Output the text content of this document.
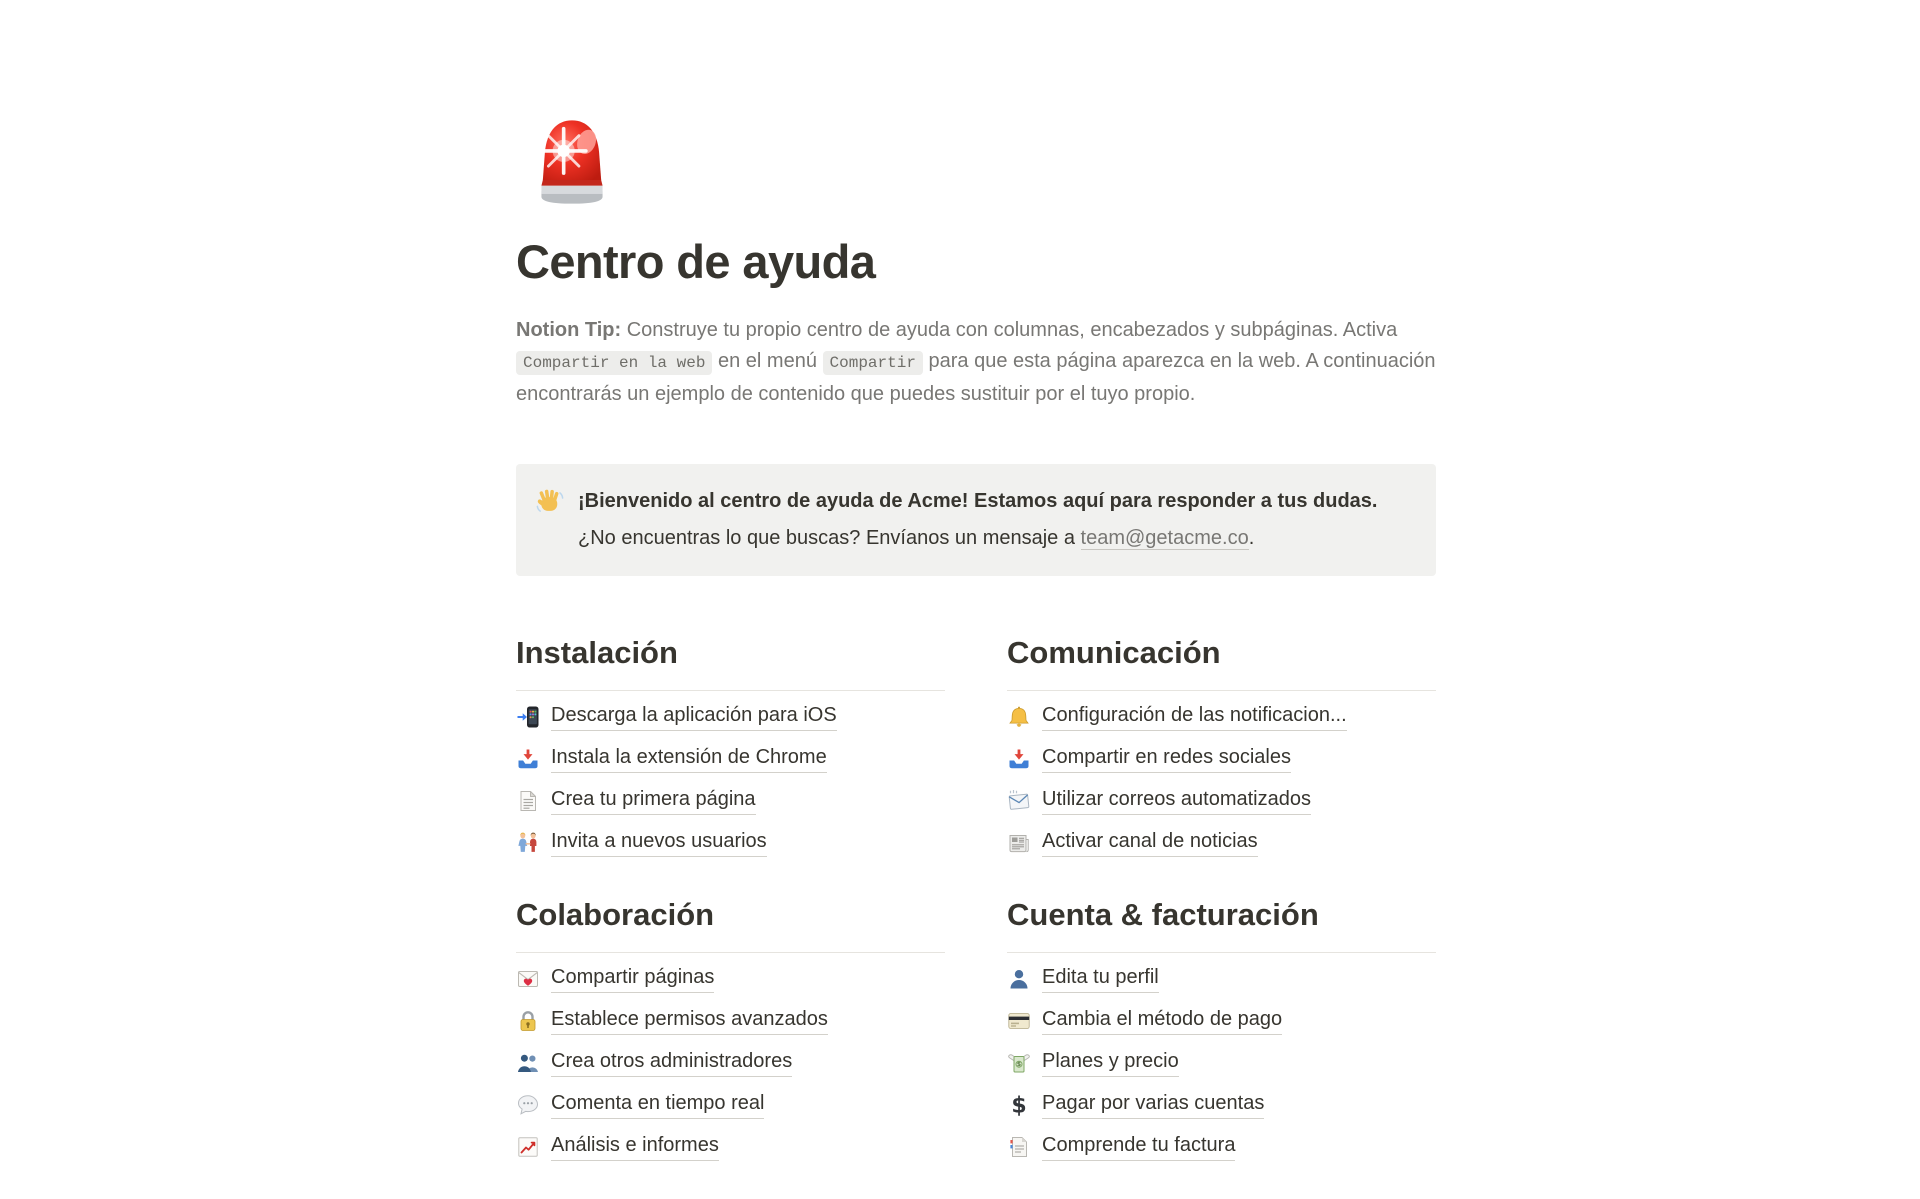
Centro de ayuda

Notion Tip: Construye tu propio centro de ayuda con columnas, encabezados y subpáginas. Activa Compartir en la web en el menú Compartir para que esta página aparezca en la web. A continuación encontrarás un ejemplo de contenido que puedes sustituir por el tuyo propio.

¡Bienvenido al centro de ayuda de Acme! Estamos aquí para responder a tus dudas.
¿No encuentras lo que buscas? Envíanos un mensaje a team@getacme.co.
Instalación
Descarga la aplicación para iOS
Instala la extensión de Chrome
Crea tu primera página
Invita a nuevos usuarios
Colaboración
Compartir páginas
Establece permisos avanzados
Crea otros administradores
Comenta en tiempo real
Análisis e informes
Comunicación
Configuración de las notificacion...
Compartir en redes sociales
Utilizar correos automatizados
Activar canal de noticias
Cuenta & facturación
Edita tu perfil
Cambia el método de pago
$ Planes y precio
$ Pagar por varias cuentas
Comprende tu factura
